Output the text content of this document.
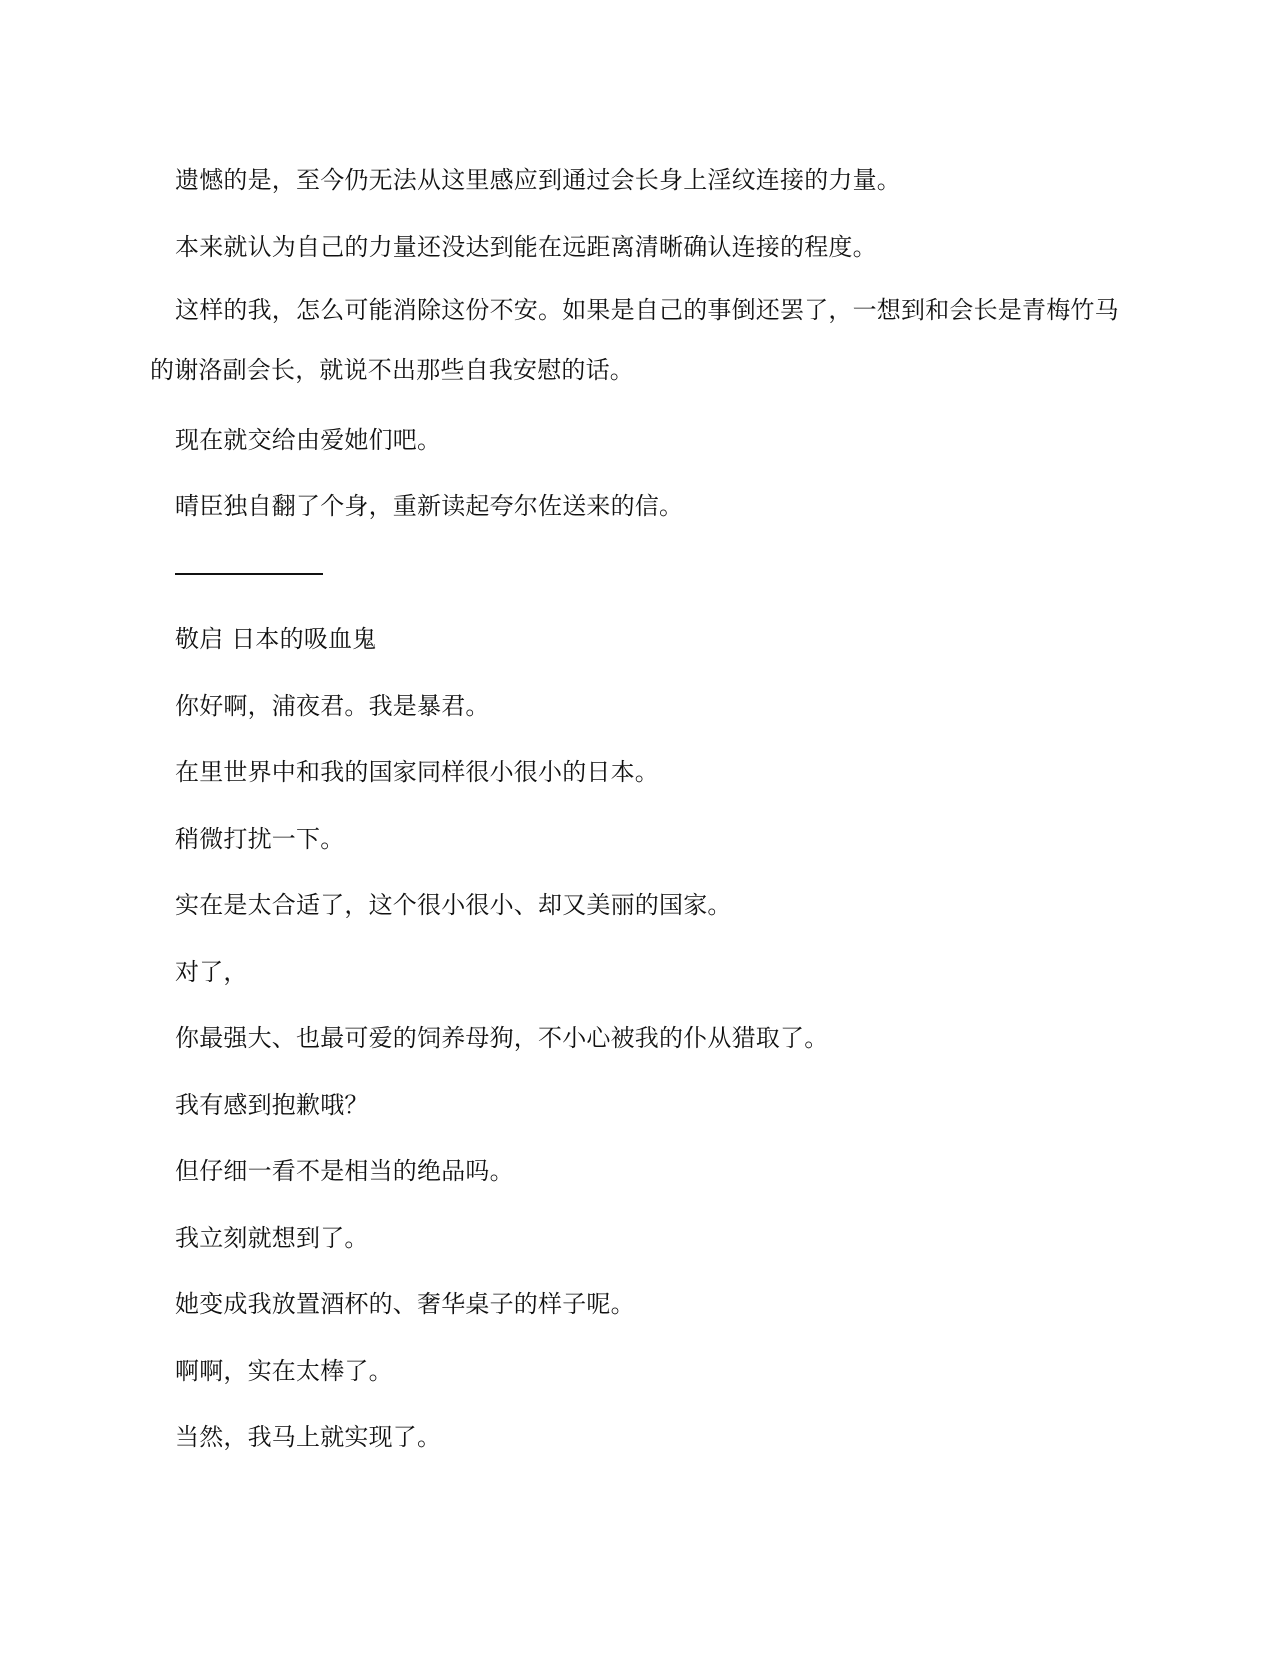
遗憾的是，至今仍无法从这里感应到通过会长身上淫纹连接的力量。

本来就认为自己的力量还没达到能在远距离清晰确认连接的程度。

这样的我，怎么可能消除这份不安。如果是自己的事倒还罢了，一想到和会长是青梅竹马的谢洛副会长，就说不出那些自我安慰的话。

现在就交给由爱她们吧。

晴臣独自翻了个身，重新读起夸尔佐送来的信。

敬启 日本的吸血鬼

你好啊，浦夜君。我是暴君。

在里世界中和我的国家同样很小很小的日本。

稍微打扰一下。

实在是太合适了，这个很小很小、却又美丽的国家。

对了，

你最强大、也最可爱的饲养母狗，不小心被我的仆从猎取了。

我有感到抱歉哦？

但仔细一看不是相当的绝品吗。

我立刻就想到了。

她变成我放置酒杯的、奢华桌子的样子呢。

啊啊，实在太棒了。

当然，我马上就实现了。
